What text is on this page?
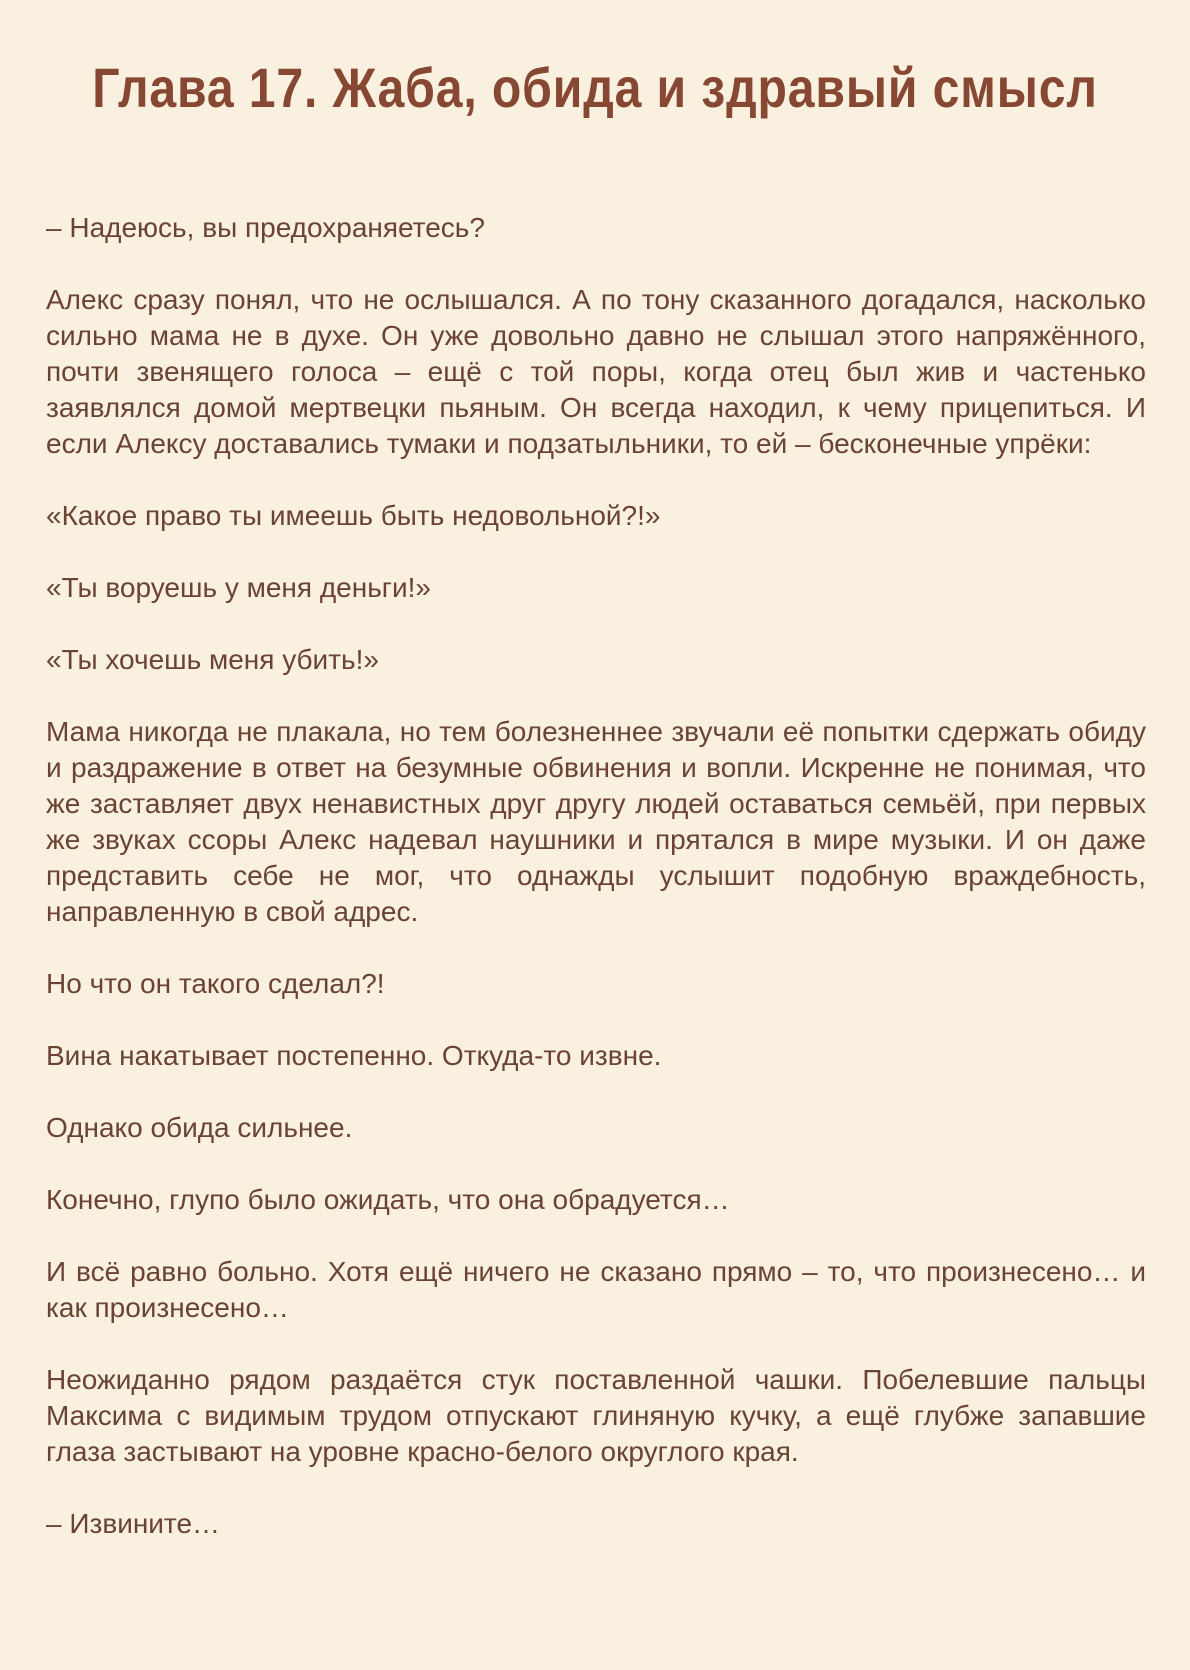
Глава 17. Жаба, обида и здравый смысл

– Надеюсь, вы предохраняетесь?

Алекс сразу понял, что не ослышался. А по тону сказанного догадался, насколько сильно мама не в духе. Он уже довольно давно не слышал этого напряжённого, почти звенящего голоса – ещё с той поры, когда отец был жив и частенько заявлялся домой мертвецки пьяным. Он всегда находил, к чему прицепиться. И если Алексу доставались тумаки и подзатыльники, то ей – бесконечные упрёки:

«Какое право ты имеешь быть недовольной?!»

«Ты воруешь у меня деньги!»

«Ты хочешь меня убить!»

Мама никогда не плакала, но тем болезненнее звучали её попытки сдержать обиду и раздражение в ответ на безумные обвинения и вопли. Искренне не понимая, что же заставляет двух ненавистных друг другу людей оставаться семьёй, при первых же звуках ссоры Алекс надевал наушники и прятался в мире музыки. И он даже представить себе не мог, что однажды услышит подобную враждебность, направленную в свой адрес.

Но что он такого сделал?!

Вина накатывает постепенно. Откуда-то извне.

Однако обида сильнее.

Конечно, глупо было ожидать, что она обрадуется…

И всё равно больно. Хотя ещё ничего не сказано прямо – то, что произнесено… и как произнесено…

Неожиданно рядом раздаётся стук поставленной чашки. Побелевшие пальцы Максима с видимым трудом отпускают глиняную кучку, а ещё глубже запавшие глаза застывают на уровне красно-белого округлого края.

– Извините…
